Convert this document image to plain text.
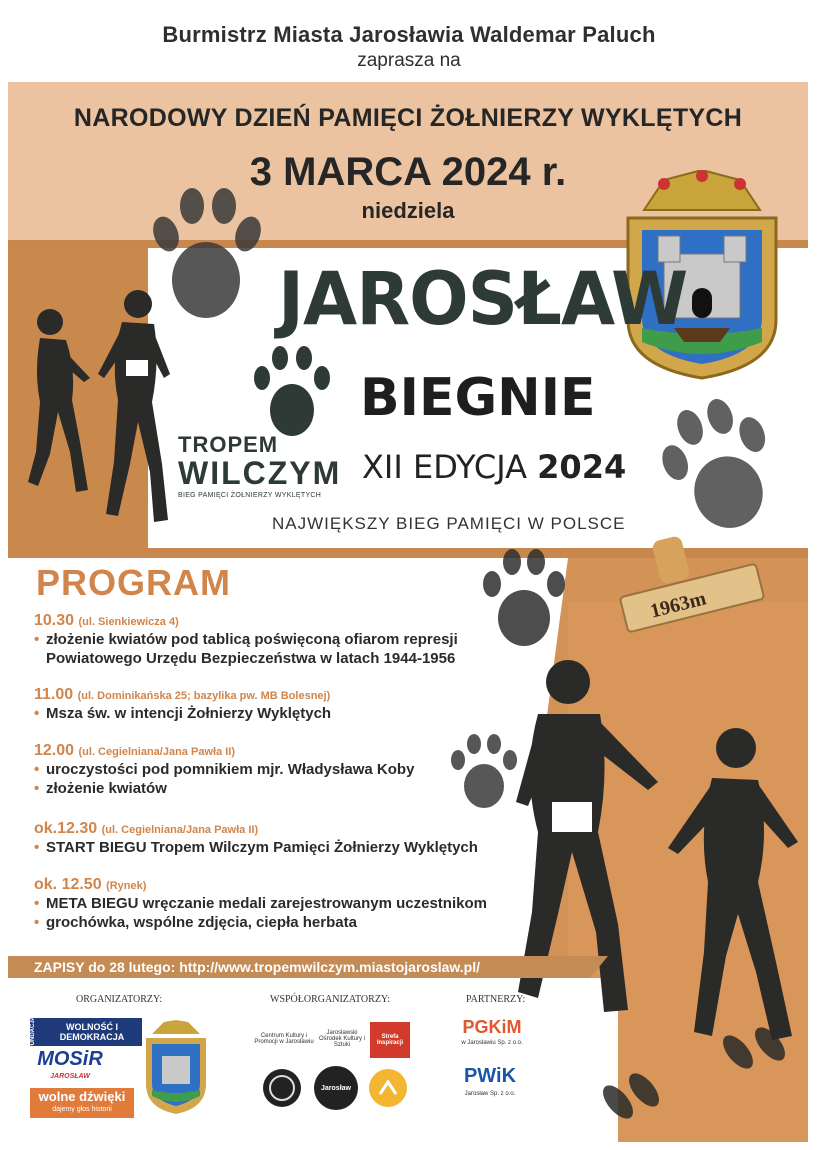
Burmistrz Miasta Jarosławia Waldemar Paluch
zaprasza na
NARODOWY DZIEŃ PAMIĘCI ŻOŁNIERZY WYKLĘTYCH
3 MARCA 2024 r.
niedziela
1963m
JAROSŁAW
BIEGNIE
XII EDYCJA 2024
NAJWIĘKSZY BIEG PAMIĘCI W POLSCE
TROPEM
WILCZYM
BIEG PAMIĘCI ŻOŁNIERZY WYKLĘTYCH
PROGRAM
10.30 (ul. Sienkiewicza 4)
• złożenie kwiatów pod tablicą poświęconą ofiarom represji
Powiatowego Urzędu Bezpieczeństwa w latach 1944-1956
11.00 (ul. Dominikańska 25; bazylika pw. MB Bolesnej)
• Msza św. w intencji Żołnierzy Wyklętych
12.00 (ul. Cegielniana/Jana Pawła II)
• uroczystości pod pomnikiem mjr. Władysława Koby
• złożenie kwiatów
ok.12.30 (ul. Cegielniana/Jana Pawła II)
• START BIEGU Tropem Wilczym Pamięci Żołnierzy Wyklętych
ok. 12.50 (Rynek)
• META BIEGU wręczanie medali zarejestrowanym uczestnikom
• grochówka, wspólne zdjęcia, ciepła herbata
ZAPISY do 28 lutego: http://www.tropemwilczym.miastojaroslaw.pl/
ORGANIZATORZY:	WSPÓŁORGANIZATORZY:	PARTNERZY:
FUNDACJA	WOLNOŚĆ I DEMOKRACJA
MOSiR
JAROSŁAW
wolne dźwięki
dajemy głos historii
Centrum Kultury i Promocji w Jarosławiu
Jarosławski Ośrodek Kultury i Sztuki
Strefa Inspiracji
Jarosław
PGKiM
w Jarosławiu Sp. z o.o.
PWiK
Jarosław Sp. z o.o.
